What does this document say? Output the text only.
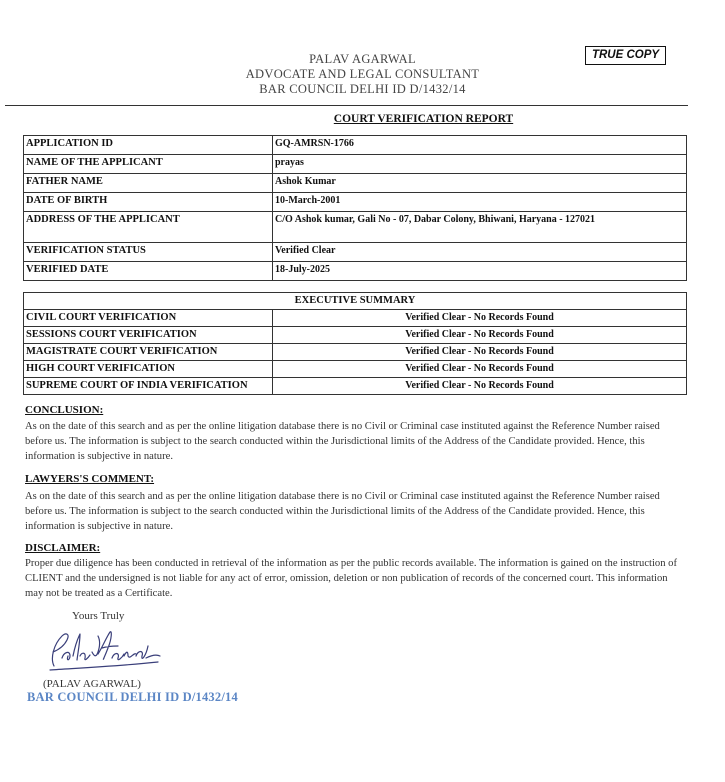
PALAV AGARWAL
ADVOCATE AND LEGAL CONSULTANT
BAR COUNCIL DELHI ID D/1432/14
TRUE COPY
COURT VERIFICATION REPORT
APPLICATION ID	GQ-AMRSN-1766
NAME OF THE APPLICANT	prayas
FATHER NAME	Ashok Kumar
DATE OF BIRTH	10-March-2001
ADDRESS OF THE APPLICANT	C/O Ashok kumar, Gali No - 07, Dabar Colony, Bhiwani, Haryana - 127021
VERIFICATION STATUS	Verified Clear
VERIFIED DATE	18-July-2025
EXECUTIVE SUMMARY	
CIVIL COURT VERIFICATION	Verified Clear - No Records Found
SESSIONS COURT VERIFICATION	Verified Clear - No Records Found
MAGISTRATE COURT VERIFICATION	Verified Clear - No Records Found
HIGH COURT VERIFICATION	Verified Clear - No Records Found
SUPREME COURT OF INDIA VERIFICATION	Verified Clear - No Records Found
CONCLUSION:
As on the date of this search and as per the online litigation database there is no Civil or Criminal case instituted against the Reference Number raised before us. The information is subject to the search conducted within the Jurisdictional limits of the Address of the Candidate provided. Hence, this information is subjective in nature.
LAWYERS'S COMMENT:
As on the date of this search and as per the online litigation database there is no Civil or Criminal case instituted against the Reference Number raised before us. The information is subject to the search conducted within the Jurisdictional limits of the Address of the Candidate provided. Hence, this information is subjective in nature.
DISCLAIMER:
Proper due diligence has been conducted in retrieval of the information as per the public records available. The information is gained on the instruction of CLIENT and the undersigned is not liable for any act of error, omission, deletion or non publication of records of the concerned court. This information may not be treated as a Certificate.
Yours Truly
(PALAV AGARWAL)
BAR COUNCIL DELHI ID D/1432/14
